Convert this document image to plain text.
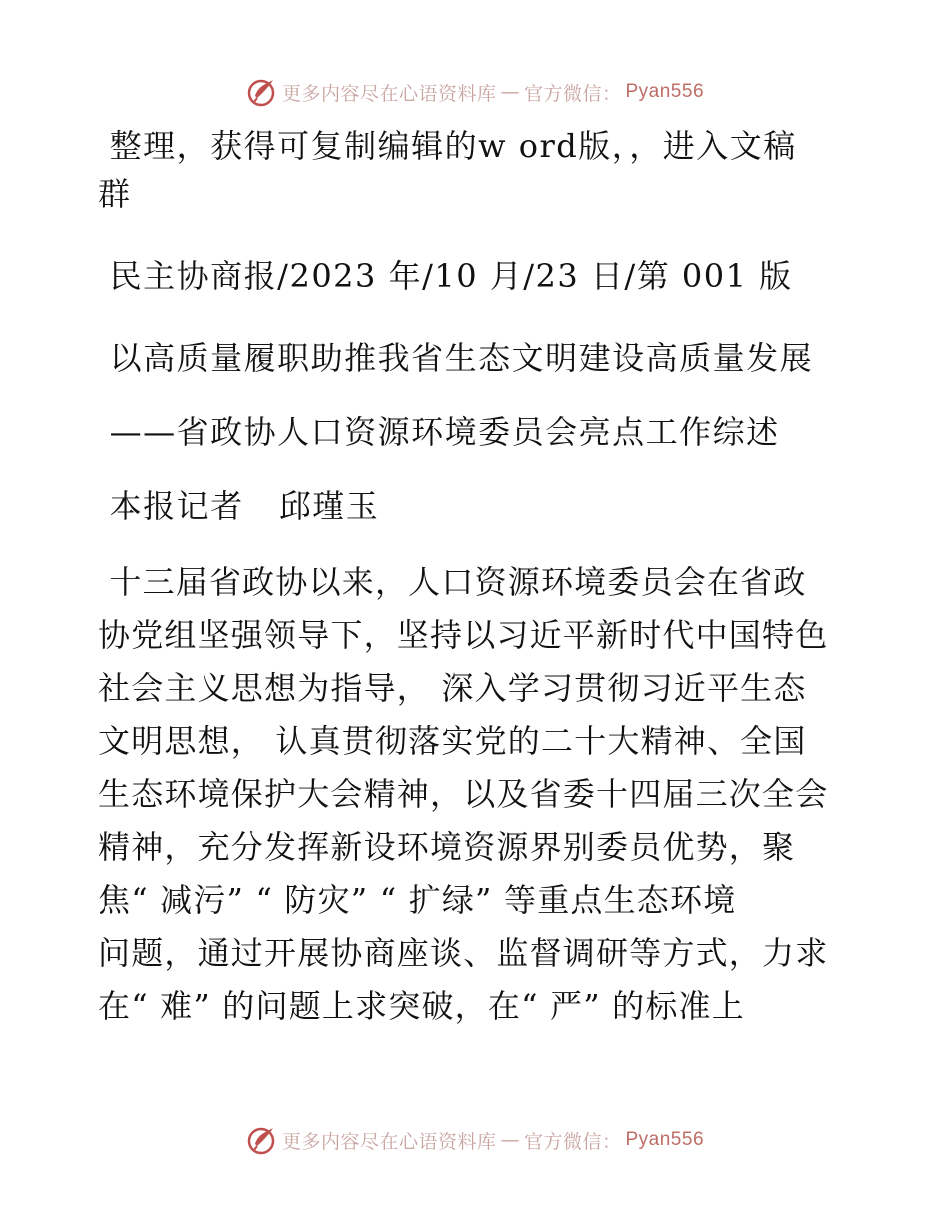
更多内容尽在心语资料库 — 官方微信： Pyan556
整理，获得可复制编辑的w ord版，，进入文稿
群
民主协商报/2023 年/10 月/23 日/第 001 版
以高质量履职助推我省生态文明建设高质量发展
——省政协人口资源环境委员会亮点工作综述
本报记者   邱瑾玉
十三届省政协以来，人口资源环境委员会在省政
协党组坚强领导下，坚持以习近平新时代中国特色
社会主义思想为指导， 深入学习贯彻习近平生态
文明思想， 认真贯彻落实党的二十大精神、全国
生态环境保护大会精神，以及省委十四届三次全会
精神，充分发挥新设环境资源界别委员优势，聚
焦“ 减污” “ 防灾” “ 扩绿” 等重点生态环境
问题，通过开展协商座谈、监督调研等方式，力求
在“ 难” 的问题上求突破，在“ 严” 的标准上
更多内容尽在心语资料库 — 官方微信： Pyan556
